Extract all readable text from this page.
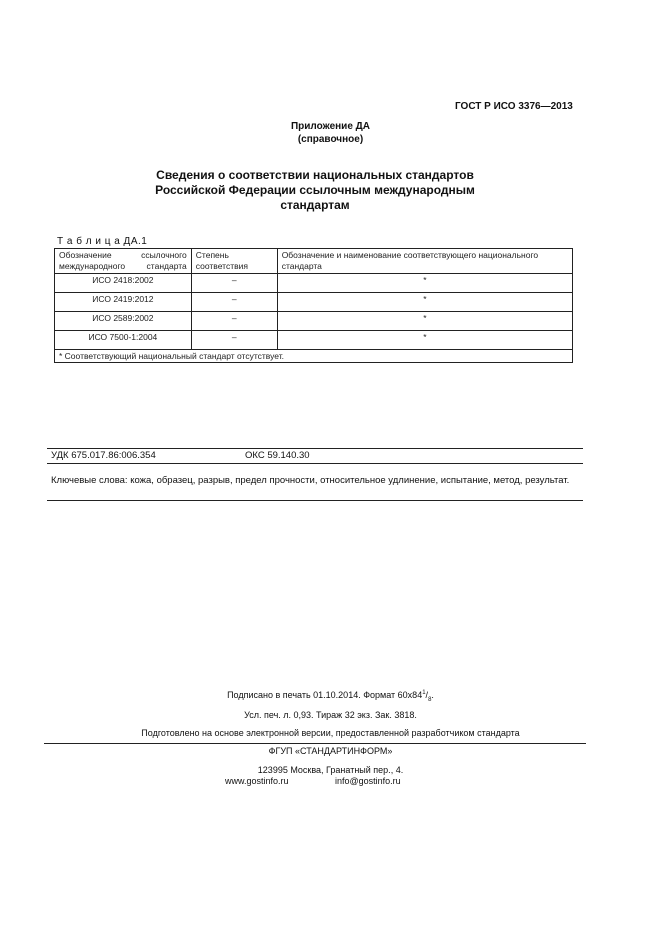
ГОСТ Р ИСО 3376—2013
Приложение ДА
(справочное)
Сведения о соответствии национальных стандартов
Российской Федерации ссылочным международным
стандартам
Т а б л и ц а ДА.1
Обозначение ссылочного международного стандарта	Степень соответствия	Обозначение и наименование соответствующего национального стандарта
ИСО 2418:2002	–	*
ИСО 2419:2012	–	*
ИСО 2589:2002	–	*
ИСО 7500-1:2004	–	*
* Соответствующий национальный стандарт отсутствует.		
УДК 675.017.86:006.354	ОКС 59.140.30
Ключевые слова: кожа, образец, разрыв, предел прочности, относительное удлинение, испытание, метод, результат.
Подписано в печать 01.10.2014. Формат $60x84^1/_8$.
Усл. печ. л. 0,93. Тираж 32 экз. Зак. 3818.
Подготовлено на основе электронной версии, предоставленной разработчиком стандарта
ФГУП «СТАНДАРТИНФОРМ»
123995 Москва, Гранатный пер., 4.
www.gostinfo.ru	info@gostinfo.ru
